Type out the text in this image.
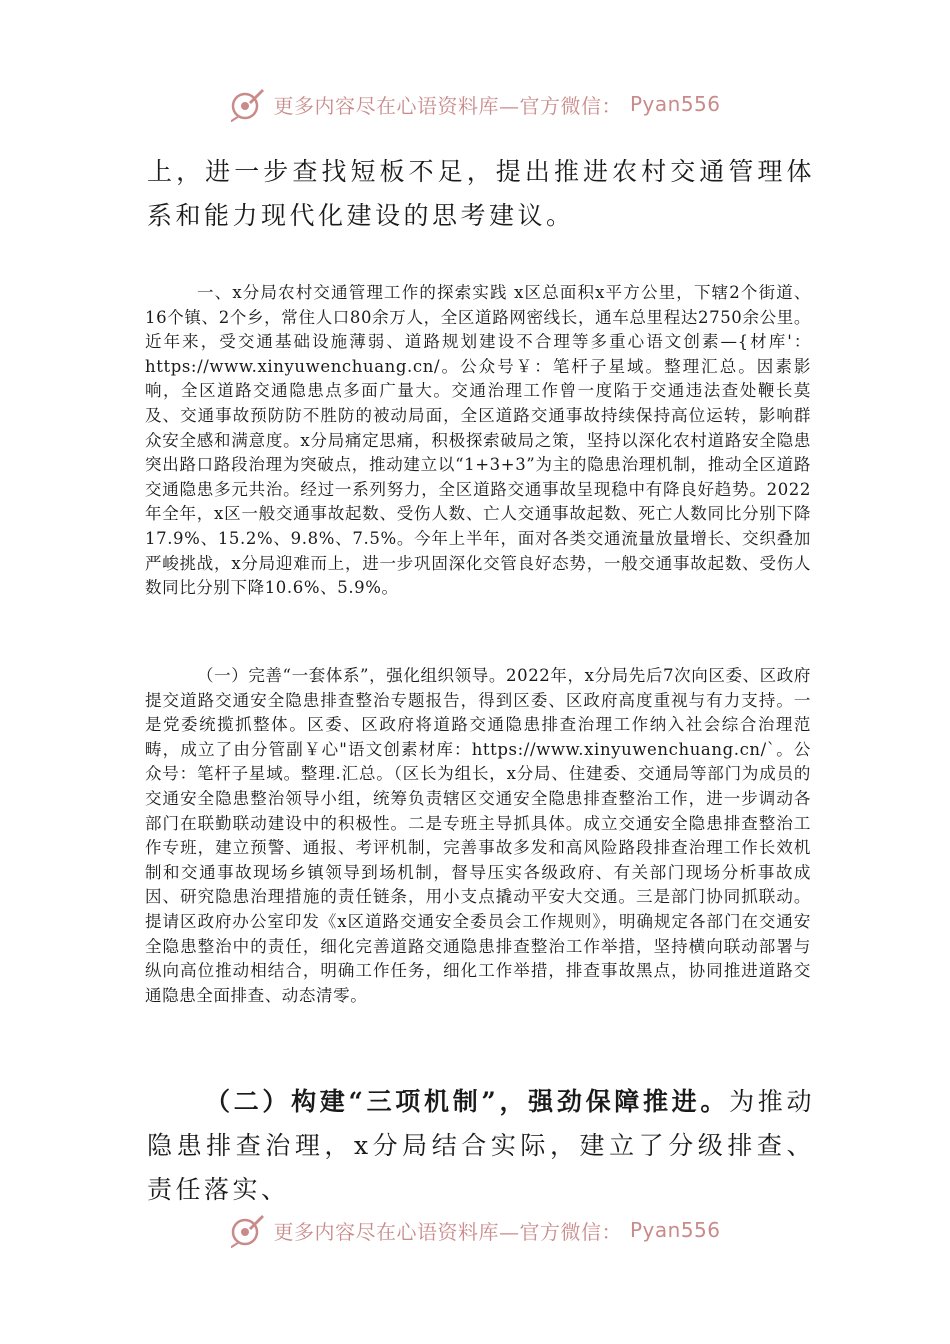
更多内容尽在心语资料库—官方微信： Pyan556

上，进一步查找短板不足，提出推进农村交通管理体系和能力现代化建设的思考建议。

一、x分局农村交通管理工作的探索实践 x区总面积x平方公里，下辖2个街道、16个镇、2个乡，常住人口80余万人，全区道路网密线长，通车总里程达2750余公里。近年来，受交通基础设施薄弱、道路规划建设不合理等多重心语文创素—{材库'：https://www.xinyuwenchuang.cn/。公众号￥：笔杆子星域。整理汇总。因素影响，全区道路交通隐患点多面广量大。交通治理工作曾一度陷于交通违法查处鞭长莫及、交通事故预防防不胜防的被动局面，全区道路交通事故持续保持高位运转，影响群众安全感和满意度。x分局痛定思痛，积极探索破局之策，坚持以深化农村道路安全隐患突出路口路段治理为突破点，推动建立以“1+3+3”为主的隐患治理机制，推动全区道路交通隐患多元共治。经过一系列努力，全区道路交通事故呈现稳中有降良好趋势。2022年全年，x区一般交通事故起数、受伤人数、亡人交通事故起数、死亡人数同比分别下降17.9%、15.2%、9.8%、7.5%。今年上半年，面对各类交通流量放量增长、交织叠加严峻挑战，x分局迎难而上，进一步巩固深化交管良好态势，一般交通事故起数、受伤人数同比分别下降10.6%、5.9%。

（一）完善“一套体系”，强化组织领导。2022年，x分局先后7次向区委、区政府提交道路交通安全隐患排查整治专题报告，得到区委、区政府高度重视与有力支持。一是党委统揽抓整体。区委、区政府将道路交通隐患排查治理工作纳入社会综合治理范畴，成立了由分管副￥心"语文创素材库：https://www.xinyuwenchuang.cn/`。公众号：笔杆子星域。整理.汇总。（区长为组长，x分局、住建委、交通局等部门为成员的交通安全隐患整治领导小组，统筹负责辖区交通安全隐患排查整治工作，进一步调动各部门在联勤联动建设中的积极性。二是专班主导抓具体。成立交通安全隐患排查整治工作专班，建立预警、通报、考评机制，完善事故多发和高风险路段排查治理工作长效机制和交通事故现场乡镇领导到场机制，督导压实各级政府、有关部门现场分析事故成因、研究隐患治理措施的责任链条，用小支点撬动平安大交通。三是部门协同抓联动。提请区政府办公室印发《x区道路交通安全委员会工作规则》，明确规定各部门在交通安全隐患整治中的责任，细化完善道路交通隐患排查整治工作举措，坚持横向联动部署与纵向高位推动相结合，明确工作任务，细化工作举措，排查事故黑点，协同推进道路交通隐患全面排查、动态清零。

（二）构建“三项机制”，强劲保障推进。为推动隐患排查治理，x分局结合实际，建立了分级排查、责任落实、

更多内容尽在心语资料库—官方微信： Pyan556
